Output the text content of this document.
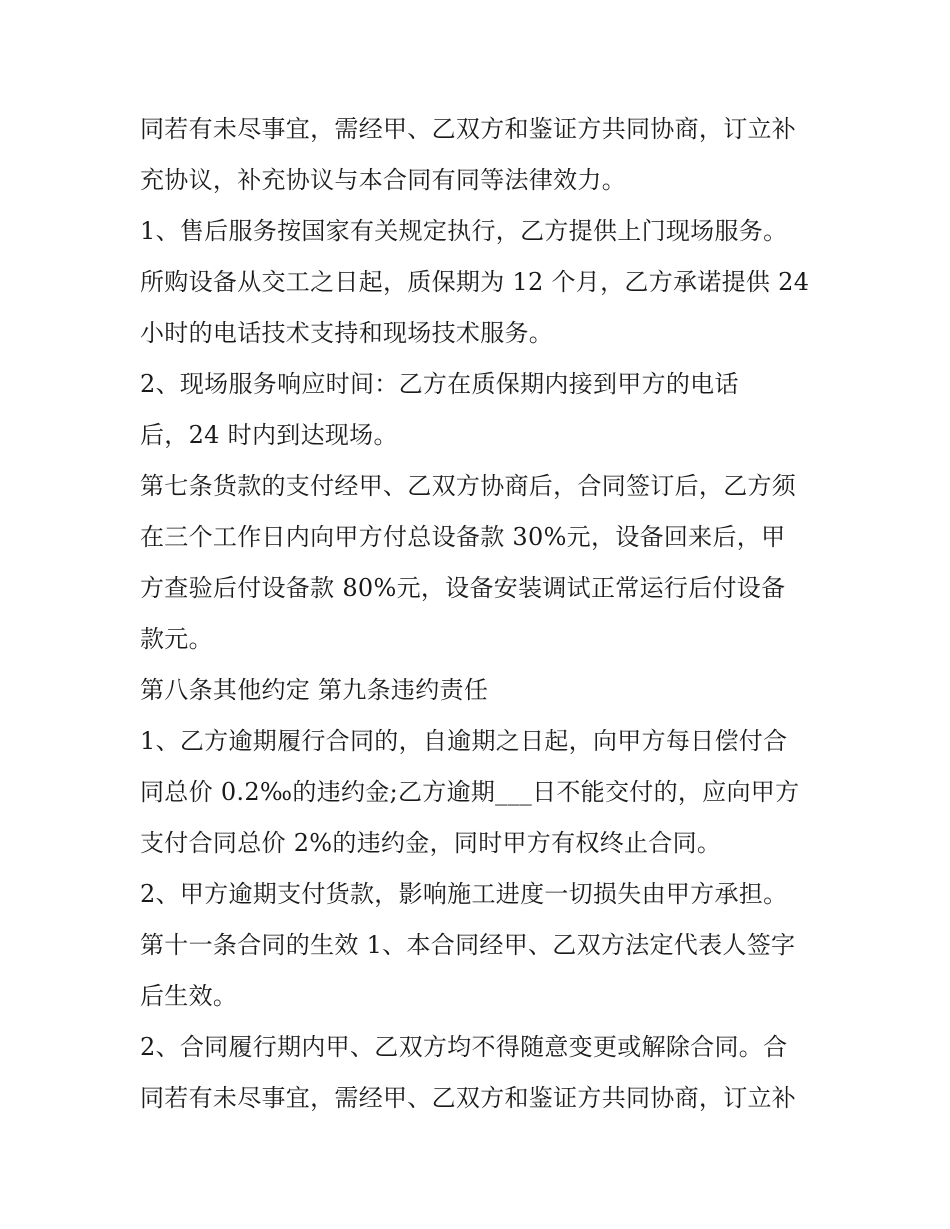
同若有未尽事宜，需经甲、乙双方和鉴证方共同协商，订立补
充协议，补充协议与本合同有同等法律效力。
1、售后服务按国家有关规定执行，乙方提供上门现场服务。
所购设备从交工之日起，质保期为 12 个月，乙方承诺提供 24
小时的电话技术支持和现场技术服务。
2、现场服务响应时间：乙方在质保期内接到甲方的电话
后，24 时内到达现场。
第七条货款的支付经甲、乙双方协商后，合同签订后，乙方须
在三个工作日内向甲方付总设备款 30%元，设备回来后，甲
方查验后付设备款 80%元，设备安装调试正常运行后付设备
款元。
第八条其他约定 第九条违约责任
1、乙方逾期履行合同的，自逾期之日起，向甲方每日偿付合
同总价 0.2‰的违约金;乙方逾期___日不能交付的，应向甲方
支付合同总价 2%的违约金，同时甲方有权终止合同。
2、甲方逾期支付货款，影响施工进度一切损失由甲方承担。
第十一条合同的生效 1、本合同经甲、乙双方法定代表人签字
后生效。
2、合同履行期内甲、乙双方均不得随意变更或解除合同。合
同若有未尽事宜，需经甲、乙双方和鉴证方共同协商，订立补
